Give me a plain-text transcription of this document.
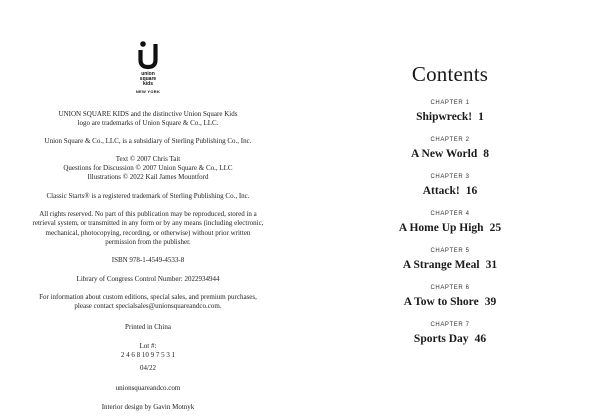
union
square
kids
NEW YORK

UNION SQUARE KIDS and the distinctive Union Square Kids
logo are trademarks of Union Square & Co., LLC.

Union Square & Co., LLC, is a subsidiary of Sterling Publishing Co., Inc.

Text © 2007 Chris Tait
Questions for Discussion © 2007 Union Square & Co., LLC
Illustrations © 2022 Kail James Mountford

Classic Starts® is a registered trademark of Sterling Publishing Co., Inc.

All rights reserved. No part of this publication may be reproduced, stored in a
retrieval system, or transmitted in any form or by any means (including electronic,
mechanical, photocopying, recording, or otherwise) without prior written
permission from the publisher.

ISBN 978-1-4549-4533-8

Library of Congress Control Number: 2022934944

For information about custom editions, special sales, and premium purchases,
please contact specialsales@unionsquareandco.com.

Printed in China

Lot #:
2 4 6 8 10 9 7 5 3 1

04/22

unionsquareandco.com

Interior design by Gavin Motnyk

Contents
CHAPTER 1
Shipwreck! 1
CHAPTER 2
A New World 8
CHAPTER 3
Attack! 16
CHAPTER 4
A Home Up High 25
CHAPTER 5
A Strange Meal 31
CHAPTER 6
A Tow to Shore 39
CHAPTER 7
Sports Day 46
